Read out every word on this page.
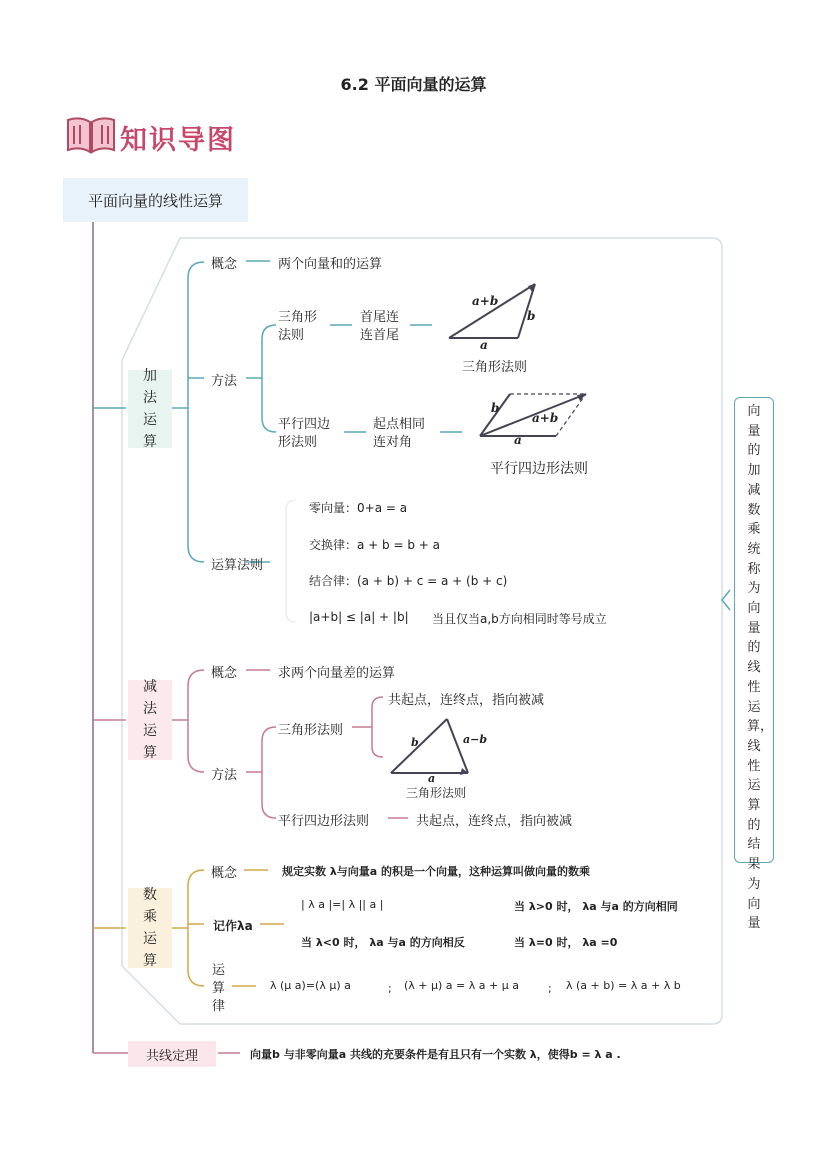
6.2 平面向量的运算
知识导图
平面向量的线性运算
加法运算
概念	两个向量和的运算
方法
三角形法则
首尾连连首尾
a+b
b
a
三角形法则
平行四边形法则
起点相同连对角
b
a+b
a
平行四边形法则
运算法则
零向量：0+a = a
交换律：a + b = b + a
结合律：(a + b) + c = a + (b + c)
|a+b| ≤ |a| + |b| 当且仅当a,b方向相同时等号成立
减法运算
概念	求两个向量差的运算
方法
三角形法则
共起点，连终点，指向被减
b	a−b
a
三角形法则
平行四边形法则	共起点，连终点，指向被减
数乘运算
概念	规定实数 λ与向量a 的积是一个向量，这种运算叫做向量的数乘
记作λa
| λ a |=| λ || a |	当 λ>0 时， λa 与a 的方向相同
当 λ<0 时， λa 与a 的方向相反	当 λ=0 时， λa =0
运算律
λ (μ a)=(λ μ) a	; (λ + μ) a = λ a + μ a	; λ (a + b) = λ a + λ b
共线定理	向量b 与非零向量a 共线的充要条件是有且只有一个实数 λ，使得b = λ a .
向量的加减数乘统称为向量的线性运算，线性运算的结果为向量
